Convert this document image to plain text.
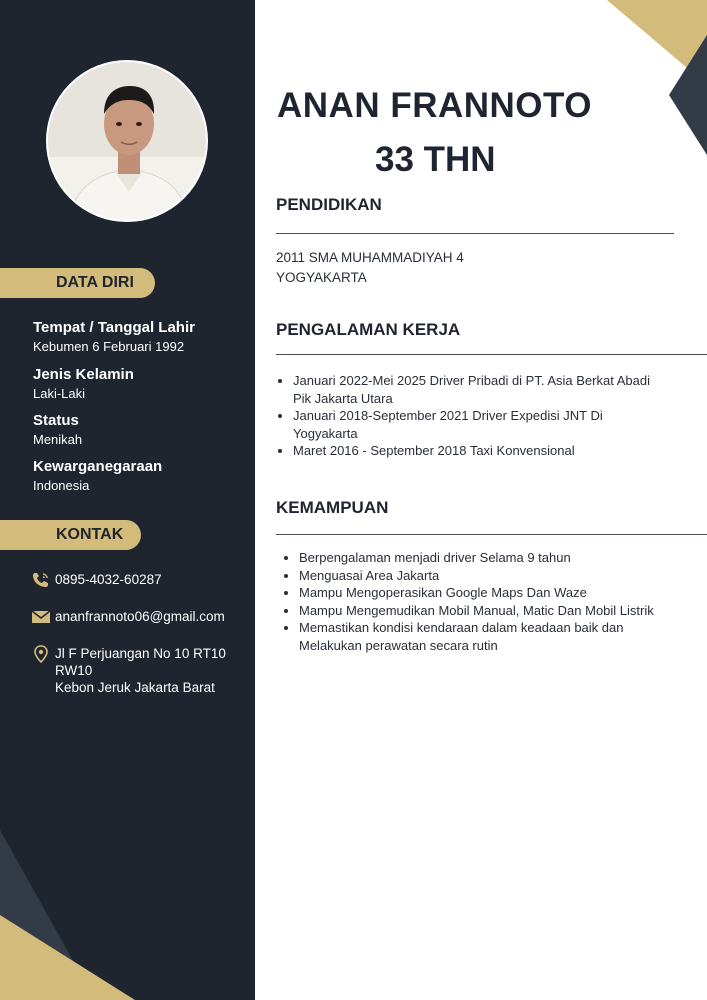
DATA DIRI
Tempat / Tanggal Lahir
Kebumen 6 Februari 1992
Jenis Kelamin
Laki-Laki
Status
Menikah
Kewarganegaraan
Indonesia
KONTAK
0895-4032-60287
ananfrannoto06@gmail.com
Jl F Perjuangan No 10 RT10 RW10
Kebon Jeruk Jakarta Barat
ANAN FRANNOTO
33 THN
PENDIDIKAN
2011 SMA MUHAMMADIYAH 4
YOGYAKARTA
PENGALAMAN KERJA
• Januari 2022-Mei 2025 Driver Pribadi di PT. Asia Berkat Abadi Pik Jakarta Utara
• Januari 2018-September 2021 Driver Expedisi JNT Di Yogyakarta
• Maret 2016 - September 2018 Taxi Konvensional
KEMAMPUAN
• Berpengalaman menjadi driver Selama 9 tahun
• Menguasai Area Jakarta
• Mampu Mengoperasikan Google Maps Dan Waze
• Mampu Mengemudikan Mobil Manual, Matic Dan Mobil Listrik
• Memastikan kondisi kendaraan dalam keadaan baik dan Melakukan perawatan secara rutin
